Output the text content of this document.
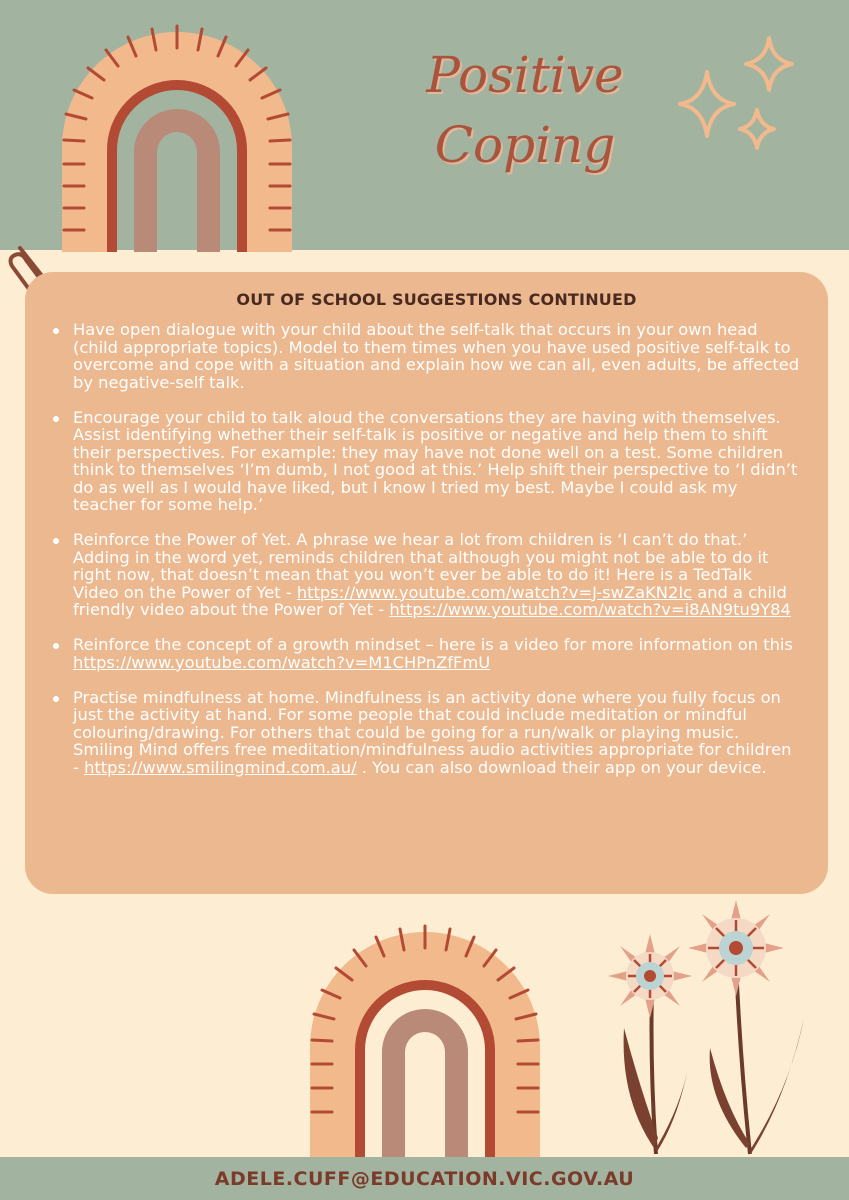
Positive
Coping
OUT OF SCHOOL SUGGESTIONS CONTINUED
Have open dialogue with your child about the self-talk that occurs in your own head (child appropriate topics). Model to them times when you have used positive self-talk to overcome and cope with a situation and explain how we can all, even adults, be affected by negative-self talk.
Encourage your child to talk aloud the conversations they are having with themselves. Assist identifying whether their self-talk is positive or negative and help them to shift their perspectives. For example: they may have not done well on a test. Some children think to themselves ‘I’m dumb, I not good at this.’ Help shift their perspective to ‘I didn’t do as well as I would have liked, but I know I tried my best. Maybe I could ask my teacher for some help.’
Reinforce the Power of Yet. A phrase we hear a lot from children is ‘I can’t do that.’ Adding in the word yet, reminds children that although you might not be able to do it right now, that doesn’t mean that you won’t ever be able to do it! Here is a TedTalk Video on the Power of Yet - https://www.youtube.com/watch?v=J-swZaKN2Ic and a child friendly video about the Power of Yet - https://www.youtube.com/watch?v=i8AN9tu9Y84
Reinforce the concept of a growth mindset – here is a video for more information on this https://www.youtube.com/watch?v=M1CHPnZfFmU
Practise mindfulness at home. Mindfulness is an activity done where you fully focus on just the activity at hand. For some people that could include meditation or mindful colouring/drawing. For others that could be going for a run/walk or playing music. Smiling Mind offers free meditation/mindfulness audio activities appropriate for children - https://www.smilingmind.com.au/ . You can also download their app on your device.
ADELE.CUFF@EDUCATION.VIC.GOV.AU
